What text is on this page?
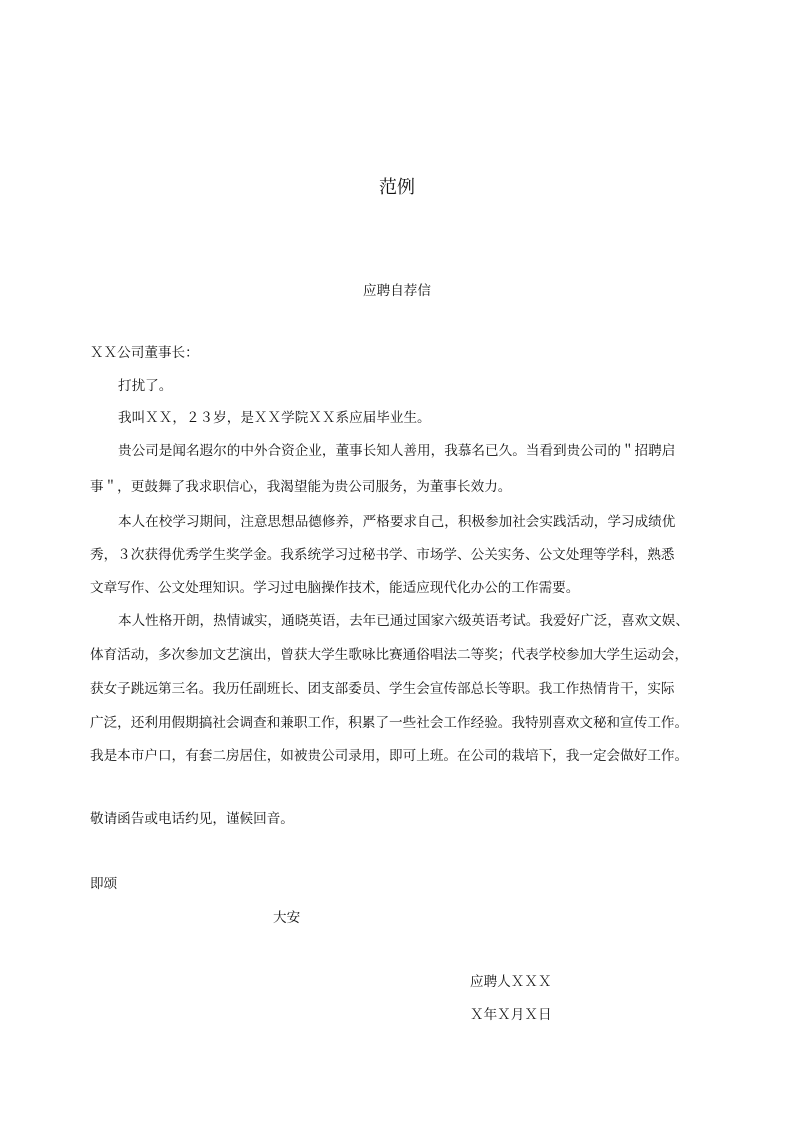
范例
应聘自荐信
ＸＸ公司董事长：
打扰了。
我叫ＸＸ，２３岁，是ＸＸ学院ＸＸ系应届毕业生。
贵公司是闻名遐尔的中外合资企业，董事长知人善用，我慕名已久。当看到贵公司的＂招聘启
事＂，更鼓舞了我求职信心，我渴望能为贵公司服务，为董事长效力。
本人在校学习期间，注意思想品德修养，严格要求自己，积极参加社会实践活动，学习成绩优
秀，３次获得优秀学生奖学金。我系统学习过秘书学、市场学、公关实务、公文处理等学科，熟悉
文章写作、公文处理知识。学习过电脑操作技术，能适应现代化办公的工作需要。
本人性格开朗，热情诚实，通晓英语，去年已通过国家六级英语考试。我爱好广泛，喜欢文娱、
体育活动，多次参加文艺演出，曾获大学生歌咏比赛通俗唱法二等奖；代表学校参加大学生运动会，
获女子跳远第三名。我历任副班长、团支部委员、学生会宣传部总长等职。我工作热情肯干，实际
广泛，还利用假期搞社会调查和兼职工作，积累了一些社会工作经验。我特别喜欢文秘和宣传工作。
我是本市户口，有套二房居住，如被贵公司录用，即可上班。在公司的栽培下，我一定会做好工作。
敬请函告或电话约见，谨候回音。
即颂
大安
应聘人ＸＸＸ
Ｘ年Ｘ月Ｘ日
